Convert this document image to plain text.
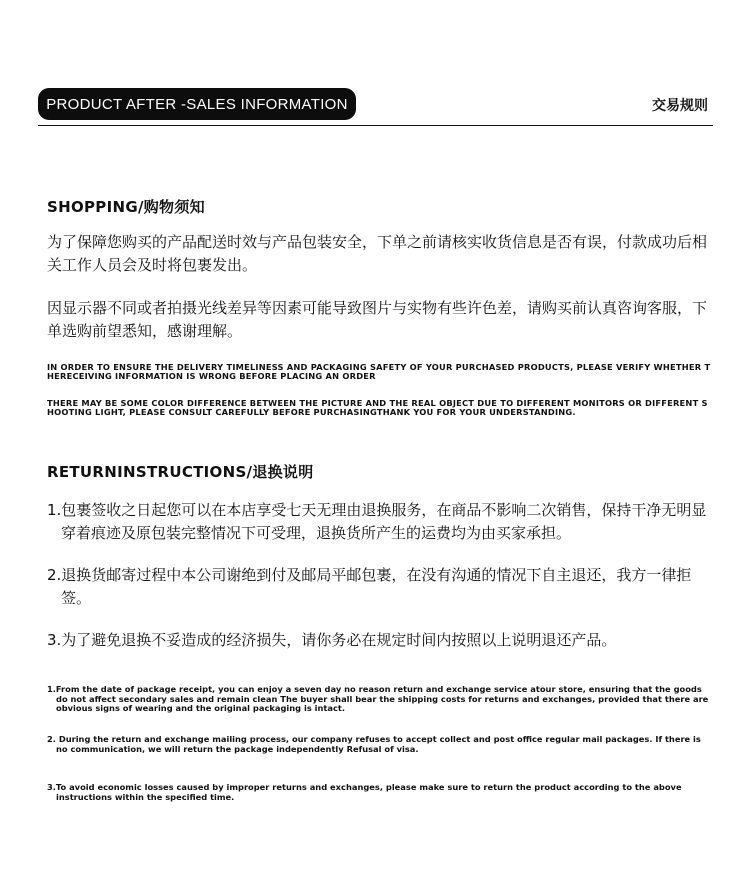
PRODUCT AFTER -SALES INFORMATION	交易规则
SHOPPING/购物须知

为了保障您购买的产品配送时效与产品包装安全，下单之前请核实收货信息是否有误，付款成功后相关工作人员会及时将包裹发出。

因显示器不同或者拍摄光线差异等因素可能导致图片与实物有些许色差，请购买前认真咨询客服，下单选购前望悉知，感谢理解。

IN ORDER TO ENSURE THE DELIVERY TIMELINESS AND PACKAGING SAFETY OF YOUR PURCHASED PRODUCTS, PLEASE VERIFY WHETHER THERECEIVING INFORMATION IS WRONG BEFORE PLACING AN ORDER

THERE MAY BE SOME COLOR DIFFERENCE BETWEEN THE PICTURE AND THE REAL OBJECT DUE TO DIFFERENT MONITORS OR DIFFERENT SHOOTING LIGHT, PLEASE CONSULT CAREFULLY BEFORE PURCHASINGTHANK YOU FOR YOUR UNDERSTANDING.

RETURNINSTRUCTIONS/退换说明

1.包裹签收之日起您可以在本店享受七天无理由退换服务，在商品不影响二次销售，保持干净无明显穿着痕迹及原包装完整情况下可受理，退换货所产生的运费均为由买家承担。

2.退换货邮寄过程中本公司谢绝到付及邮局平邮包裹，在没有沟通的情况下自主退还，我方一律拒签。

3.为了避免退换不妥造成的经济损失，请你务必在规定时间内按照以上说明退还产品。

1.From the date of package receipt, you can enjoy a seven day no reason return and exchange service atour store, ensuring that the goods do not affect secondary sales and remain clean The buyer shall bear the shipping costs for returns and exchanges, provided that there are obvious signs of wearing and the original packaging is intact.

2. During the return and exchange mailing process, our company refuses to accept collect and post office regular mail packages. If there is no communication, we will return the package independently Refusal of visa.

3.To avoid economic losses caused by improper returns and exchanges, please make sure to return the product according to the above instructions within the specified time.
